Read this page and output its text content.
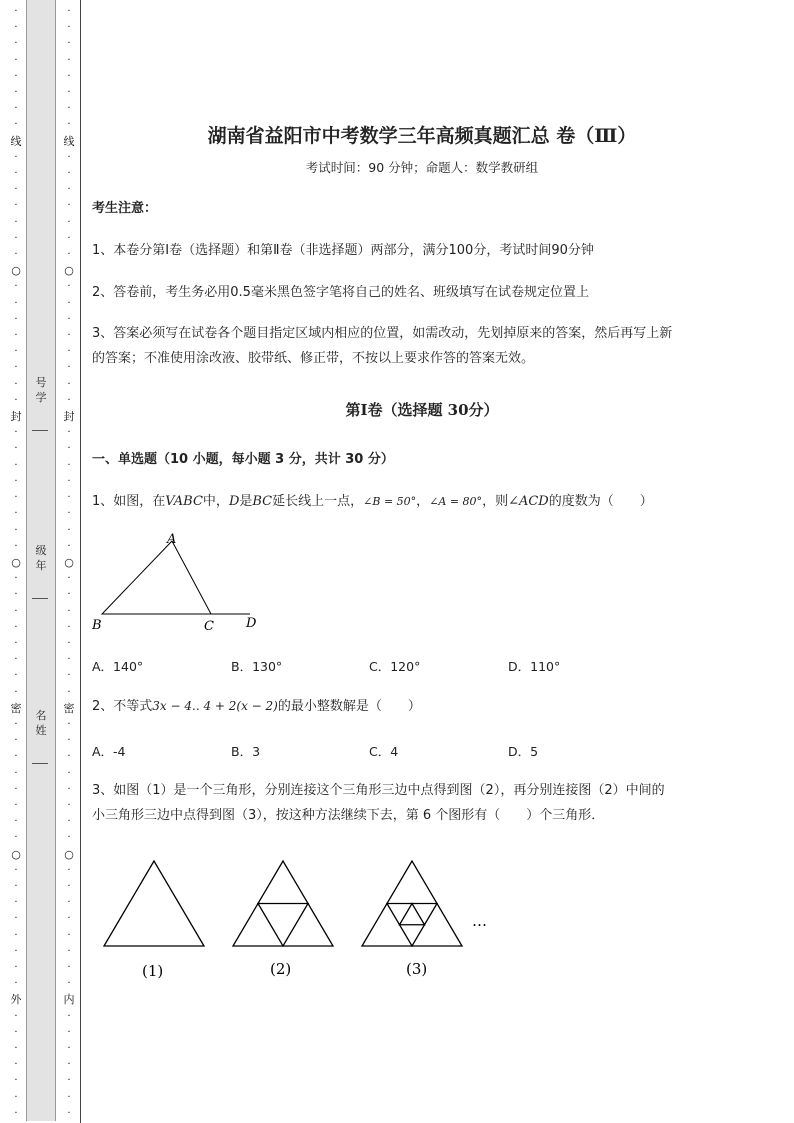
·
·
·
·
·
·
·
·
线
·
·
·
·
·
·
·
○
·
·
·
·
·
·
·
·
封
·
·
·
·
·
·
·
·
○
·
·
·
·
·
·
·
·
密
·
·
·
·
·
·
·
·
○
·
·
·
·
·
·
·
·
外
·
·
·
·
·
·
·
·
·
·
·
·
·
·
·
线
·
·
·
·
·
·
·
○
·
·
·
·
·
·
·
·
封
·
·
·
·
·
·
·
·
○
·
·
·
·
·
·
·
·
密
·
·
·
·
·
·
·
·
○
·
·
·
·
·
·
·
·
内
·
·
·
·
·
·
·
号
学
级
年
名
姓
湖南省益阳市中考数学三年高频真题汇总 卷（Ⅲ）
考试时间：90 分钟；命题人：数学教研组
考生注意：
1、本卷分第Ⅰ卷（选择题）和第Ⅱ卷（非选择题）两部分，满分100分，考试时间90分钟
2、答卷前，考生务必用0.5毫米黑色签字笔将自己的姓名、班级填写在试卷规定位置上
3、答案必须写在试卷各个题目指定区域内相应的位置，如需改动，先划掉原来的答案，然后再写上新
的答案；不准使用涂改液、胶带纸、修正带，不按以上要求作答的答案无效。
第Ⅰ卷（选择题 30分）
一、单选题（10 小题，每小题 3 分，共计 30 分）
1、如图，在VABC中，D是BC延长线上一点，∠B = 50°，∠A = 80°，则∠ACD的度数为（　　）
A
B	C D
A．140°	B．130°	C．120°	D．110°
2、不等式3x − 4.. 4 + 2(x − 2)的最小整数解是（　　）
A．-4	B．3	C．4	D．5
3、如图（1）是一个三角形，分别连接这个三角形三边中点得到图（2），再分别连接图（2）中间的
小三角形三边中点得到图（3），按这种方法继续下去，第 6 个图形有（　　）个三角形．
…
(1)	(2)	(3)
